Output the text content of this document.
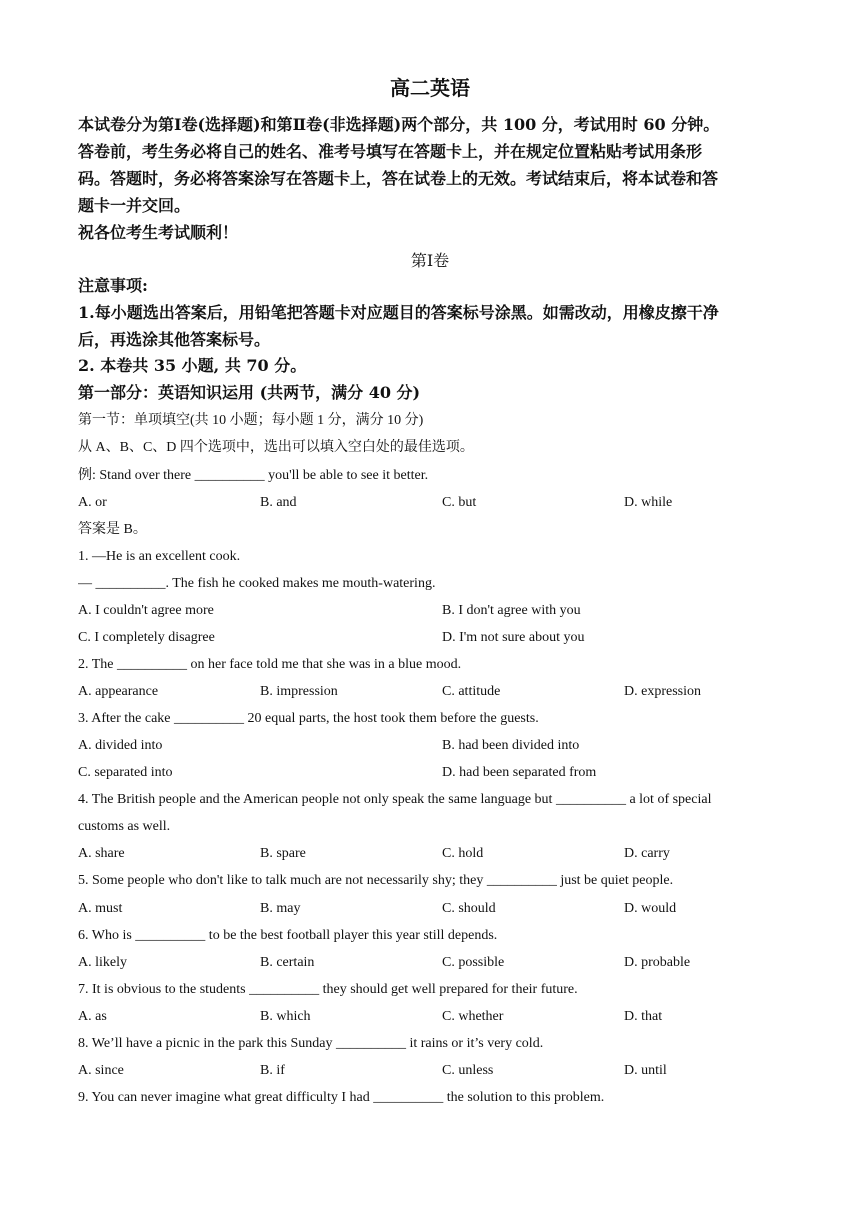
高二英语
本试卷分为第Ⅰ卷(选择题)和第Ⅱ卷(非选择题)两个部分，共 100 分，考试用时 60 分钟。
答卷前，考生务必将自己的姓名、准考号填写在答题卡上，并在规定位置粘贴考试用条形
码。答题时，务必将答案涂写在答题卡上，答在试卷上的无效。考试结束后，将本试卷和答
题卡一并交回。
祝各位考生考试顺利！
第Ⅰ卷
注意事项:
1.每小题选出答案后，用铅笔把答题卡对应题目的答案标号涂黑。如需改动，用橡皮擦干净
后，再选涂其他答案标号。
2. 本卷共 35 小题, 共 70 分。
第一部分：英语知识运用 (共两节，满分 40 分)
第一节：单项填空(共 10 小题；每小题 1 分，满分 10 分)
从 A、B、C、D 四个选项中，选出可以填入空白处的最佳选项。
例: Stand over there __________ you'll be able to see it better.
A. or	B. and	C. but	D. while
答案是 B。
1. —He is an excellent cook.
— __________. The fish he cooked makes me mouth-watering.
A. I couldn't agree more	B. I don't agree with you
C. I completely disagree	D. I'm not sure about you
2. The __________ on her face told me that she was in a blue mood.
A. appearance	B. impression	C. attitude	D. expression
3. After the cake __________ 20 equal parts, the host took them before the guests.
A. divided into	B. had been divided into
C. separated into	D. had been separated from
4. The British people and the American people not only speak the same language but __________ a lot of special
customs as well.
A. share	B. spare	C. hold	D. carry
5. Some people who don't like to talk much are not necessarily shy; they __________ just be quiet people.
A. must	B. may	C. should	D. would
6. Who is __________ to be the best football player this year still depends.
A. likely	B. certain	C. possible	D. probable
7. It is obvious to the students __________ they should get well prepared for their future.
A. as	B. which	C. whether	D. that
8. We’ll have a picnic in the park this Sunday __________ it rains or it’s very cold.
A. since	B. if	C. unless	D. until
9. You can never imagine what great difficulty I had __________ the solution to this problem.
